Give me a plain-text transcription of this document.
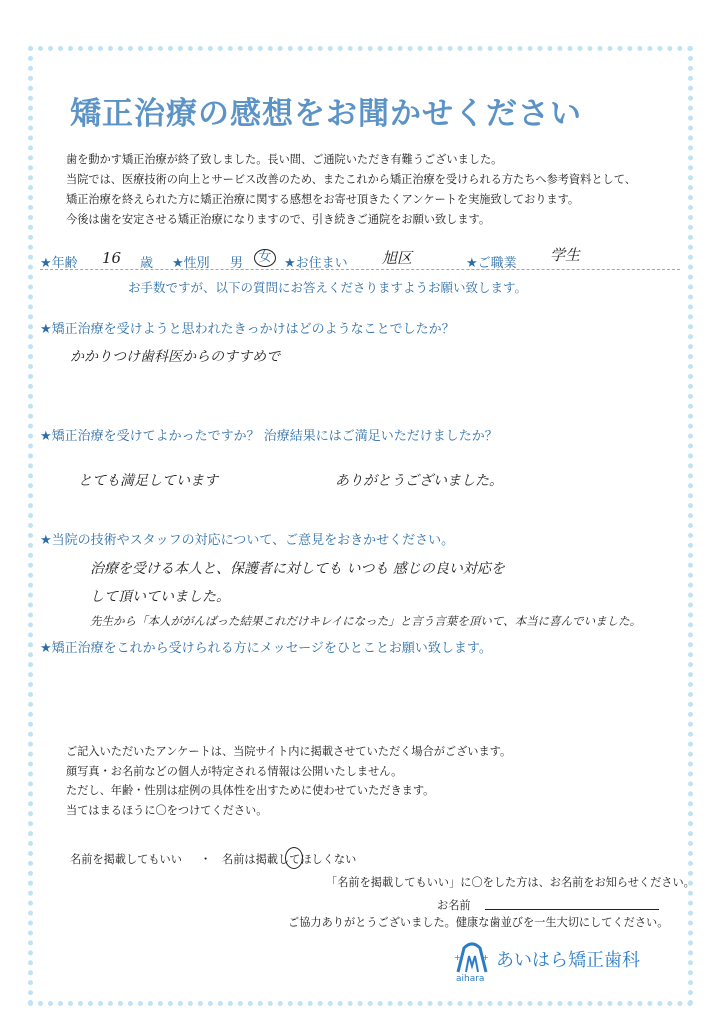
矯正治療の感想をお聞かせください
歯を動かす矯正治療が終了致しました。長い間、ご通院いただき有難うございました。
当院では、医療技術の向上とサービス改善のため、またこれから矯正治療を受けられる方たちへ参考資料として、
矯正治療を終えられた方に矯正治療に関する感想をお寄せ頂きたくアンケートを実施致しております。
今後は歯を安定させる矯正治療になりますので、引き続きご通院をお願い致します。
★年齢 16 歳 ★性別 男	女 ★お住まい 旭区	★ご職業 学生
お手数ですが、以下の質問にお答えくださりますようお願い致します。
★矯正治療を受けようと思われたきっかけはどのようなことでしたか？
かかりつけ歯科医からのすすめで
★矯正治療を受けてよかったですか？ 治療結果にはご満足いただけましたか？
とても満足しています	ありがとうございました。
★当院の技術やスタッフの対応について、ご意見をおきかせください。
治療を受ける本人と、保護者に対しても いつも 感じの良い対応を
して頂いていました。
先生から「本人ががんばった結果これだけキレイになった」と言う言葉を頂いて、本当に喜んでいました。
★矯正治療をこれから受けられる方にメッセージをひとことお願い致します。
ご記入いただいたアンケートは、当院サイト内に掲載させていただく場合がございます。
顔写真・お名前などの個人が特定される情報は公開いたしません。
ただし、年齢・性別は症例の具体性を出すために使わせていただきます。
当てはまるほうに〇をつけてください。
名前を掲載してもいい ・ 名前は掲載してほしくない
「名前を掲載してもいい」に〇をした方は、お名前をお知らせください。
お名前
ご協力ありがとうございました。健康な歯並びを一生大切にしてください。
+	+ あいはら矯正歯科
aihara
